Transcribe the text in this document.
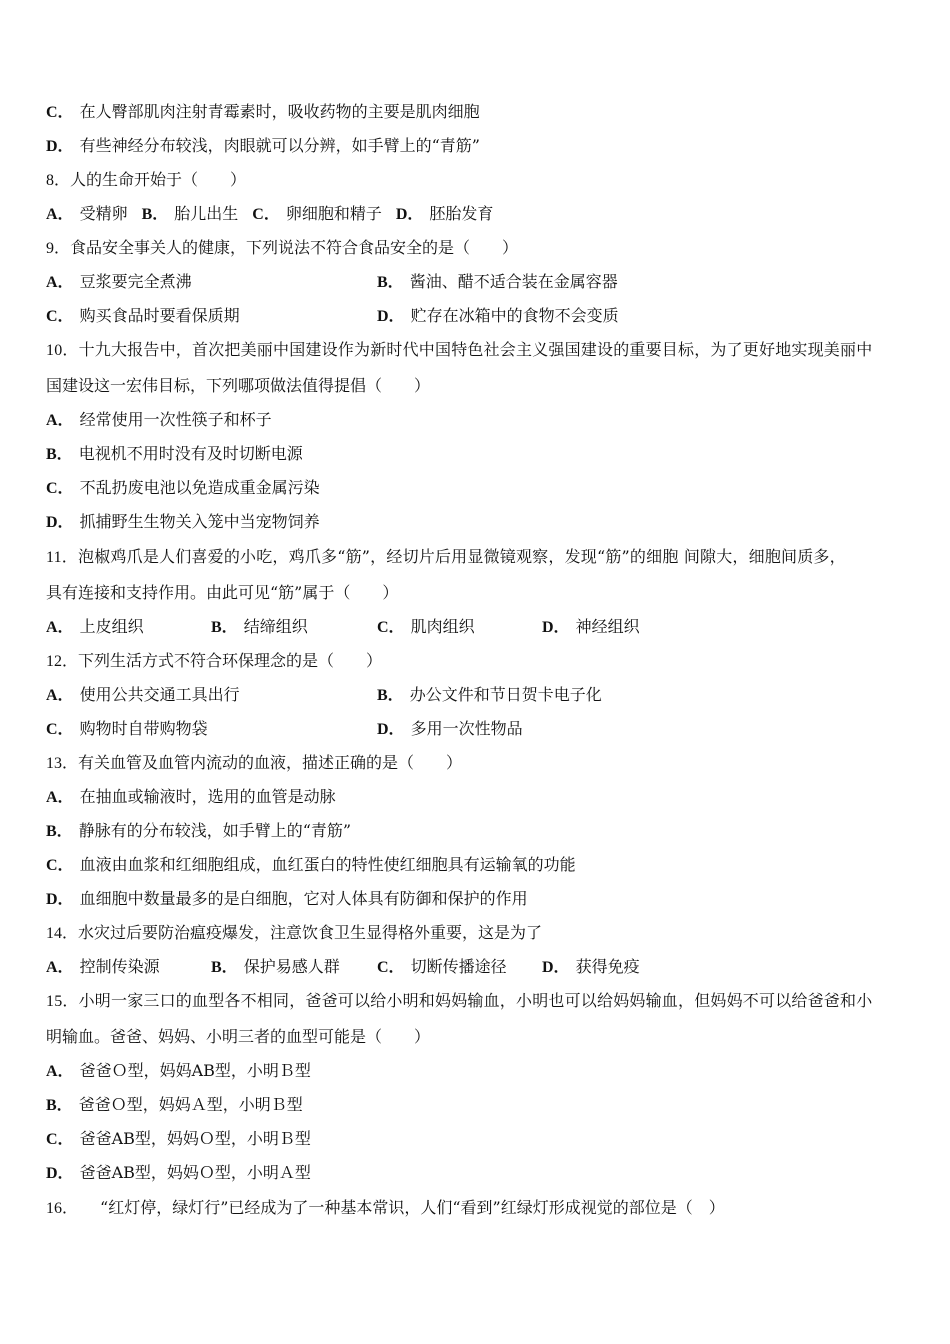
C． 在人臀部肌肉注射青霉素时，吸收药物的主要是肌肉细胞
D． 有些神经分布较浅，肉眼就可以分辨，如手臂上的“青筋”
8．人的生命开始于（　　）
A． 受精卵 B． 胎儿出生 C． 卵细胞和精子 D． 胚胎发育
9．食品安全事关人的健康，下列说法不符合食品安全的是（　　）
A． 豆浆要完全煮沸	B． 酱油、醋不适合装在金属容器
C． 购买食品时要看保质期	D． 贮存在冰箱中的食物不会变质
10．十九大报告中，首次把美丽中国建设作为新时代中国特色社会主义强国建设的重要目标，为了更好地实现美丽中
国建设这一宏伟目标，下列哪项做法值得提倡（　　）
A． 经常使用一次性筷子和杯子
B． 电视机不用时没有及时切断电源
C． 不乱扔废电池以免造成重金属污染
D． 抓捕野生生物关入笼中当宠物饲养
11．泡椒鸡爪是人们喜爱的小吃，鸡爪多“筋”，经切片后用显微镜观察，发现“筋”的细胞 间隙大，细胞间质多，
具有连接和支持作用。由此可见“筋”属于（　　）
A． 上皮组织	B． 结缔组织	C． 肌肉组织	D． 神经组织
12．下列生活方式不符合环保理念的是（　　）
A． 使用公共交通工具出行	B． 办公文件和节日贺卡电子化
C． 购物时自带购物袋	D． 多用一次性物品
13．有关血管及血管内流动的血液，描述正确的是（　　）
A． 在抽血或输液时，选用的血管是动脉
B． 静脉有的分布较浅，如手臂上的“青筋”
C． 血液由血浆和红细胞组成，血红蛋白的特性使红细胞具有运输氧的功能
D． 血细胞中数量最多的是白细胞，它对人体具有防御和保护的作用
14．水灾过后要防治瘟疫爆发，注意饮食卫生显得格外重要，这是为了
A． 控制传染源	B． 保护易感人群 C． 切断传播途径 D． 获得免疫
15．小明一家三口的血型各不相同，爸爸可以给小明和妈妈输血，小明也可以给妈妈输血，但妈妈不可以给爸爸和小
明输血。爸爸、妈妈、小明三者的血型可能是（　　）
A． 爸爸Ｏ型，妈妈AB型，小明Ｂ型
B． 爸爸Ｏ型，妈妈Ａ型，小明Ｂ型
C． 爸爸AB型，妈妈Ｏ型，小明Ｂ型
D． 爸爸AB型，妈妈Ｏ型，小明Ａ型
16． “红灯停，绿灯行”已经成为了一种基本常识，人们“看到”红绿灯形成视觉的部位是（　）
